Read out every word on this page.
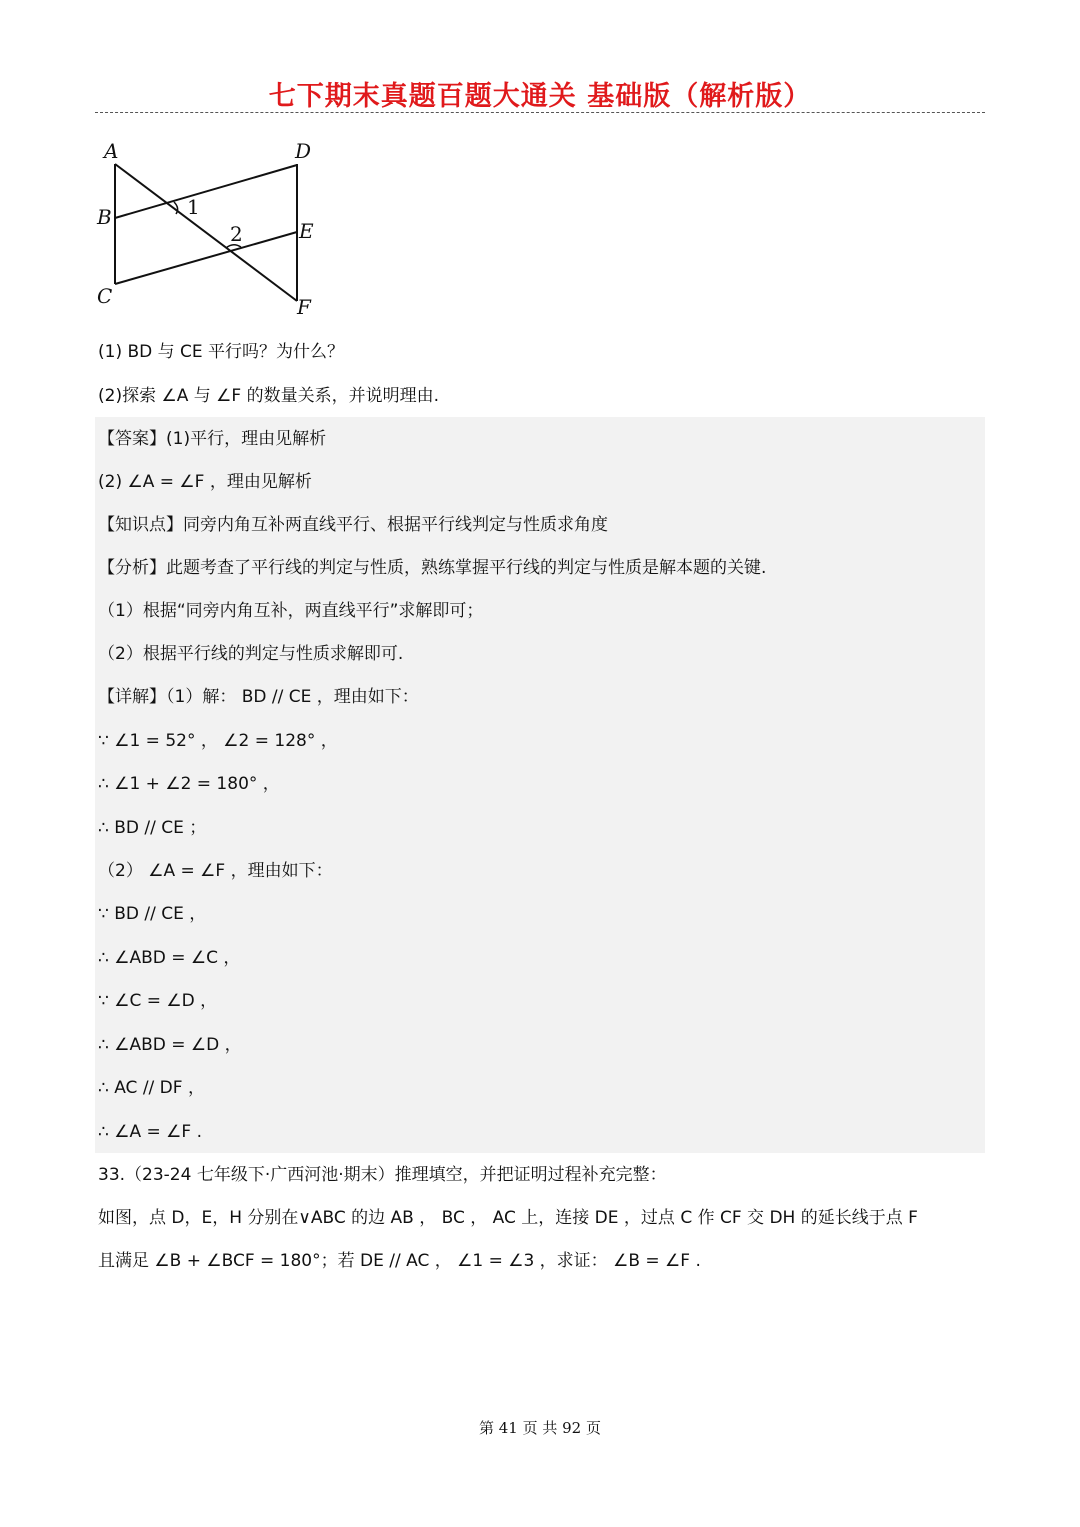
七下期末真题百题大通关 基础版（解析版）
A	D
B
E
C	F
1
2
(1) BD 与 CE 平行吗？为什么？
(2)探索 ∠A 与 ∠F 的数量关系，并说明理由.
【答案】(1)平行，理由见解析
(2) ∠A = ∠F ，理由见解析
【知识点】同旁内角互补两直线平行、根据平行线判定与性质求角度
【分析】此题考查了平行线的判定与性质，熟练掌握平行线的判定与性质是解本题的关键.
（1）根据“同旁内角互补，两直线平行”求解即可；
（2）根据平行线的判定与性质求解即可.
【详解】（1）解： BD // CE ，理由如下：
∵ ∠1 = 52° ， ∠2 = 128° ，
∴ ∠1 + ∠2 = 180° ，
∴ BD // CE ；
（2） ∠A = ∠F ，理由如下：
∵ BD // CE ，
∴ ∠ABD = ∠C ，
∵ ∠C = ∠D ，
∴ ∠ABD = ∠D ，
∴ AC // DF ，
∴ ∠A = ∠F .
33.（23-24 七年级下·广西河池·期末）推理填空，并把证明过程补充完整：
如图，点 D，E，H 分别在∨ABC 的边 AB ， BC ， AC 上，连接 DE ，过点 C 作 CF 交 DH 的延长线于点 F
且满足 ∠B + ∠BCF = 180°；若 DE // AC ， ∠1 = ∠3 ，求证： ∠B = ∠F .
第 41 页 共 92 页
